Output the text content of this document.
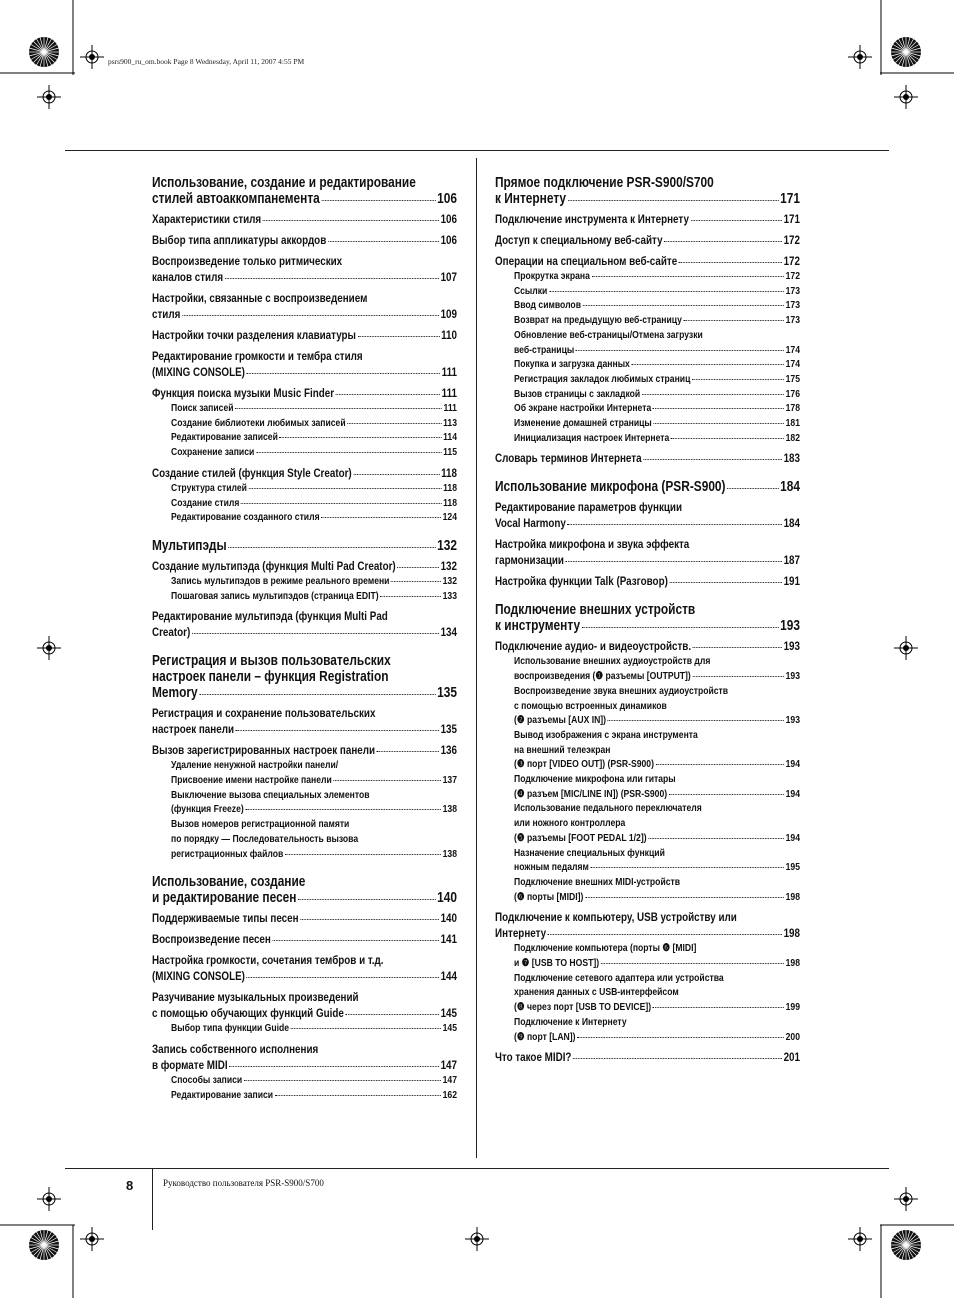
psrs900_ru_om.book Page 8 Wednesday, April 11, 2007 4:55 PM
8	Руководство пользователя PSR-S900/S700
Использование, создание и редактирование
стилей автоаккомпанемента	106
Характеристики стиля	106
Выбор типа аппликатуры аккордов	106
Воспроизведение только ритмических
каналов стиля	107
Настройки, связанные с воспроизведением
стиля	109
Настройки точки разделения клавиатуры	110
Редактирование громкости и тембра стиля
(MIXING CONSOLE)	111
Функция поиска музыки Music Finder	111
Поиск записей	111
Создание библиотеки любимых записей	113
Редактирование записей	114
Сохранение записи	115
Создание стилей (функция Style Creator)	118
Структура стилей	118
Создание стиля	118
Редактирование созданного стиля	124
Мультипэды	132
Создание мультипэда (функция Multi Pad Creator)	132
Запись мультипэдов в режиме реального времени	132
Пошаговая запись мультипэдов (страница EDIT)	133
Редактирование мультипэда (функция Multi Pad
Creator)	134
Регистрация и вызов пользовательских
настроек панели – функция Registration
Memory	135
Регистрация и сохранение пользовательских
настроек панели	135
Вызов зарегистрированных настроек панели	136
Удаление ненужной настройки панели/
Присвоение имени настройке панели	137
Выключение вызова специальных элементов
(функция Freeze)	138
Вызов номеров регистрационной памяти
по порядку — Последовательность вызова
регистрационных файлов	138
Использование, создание
и редактирование песен	140
Поддерживаемые типы песен	140
Воспроизведение песен	141
Настройка громкости, сочетания тембров и т.д.
(MIXING CONSOLE)	144
Разучивание музыкальных произведений
с помощью обучающих функций Guide	145
Выбор типа функции Guide	145
Запись собственного исполнения
в формате MIDI	147
Способы записи	147
Редактирование записи	162
Прямое подключение PSR-S900/S700
к Интернету	171
Подключение инструмента к Интернету	171
Доступ к специальному веб-сайту	172
Операции на специальном веб-сайте	172
Прокрутка экрана	172
Ссылки	173
Ввод символов	173
Возврат на предыдущую веб-страницу	173
Обновление веб-страницы/Отмена загрузки
веб-страницы	174
Покупка и загрузка данных	174
Регистрация закладок любимых страниц	175
Вызов страницы с закладкой	176
Об экране настройки Интернета	178
Изменение домашней страницы	181
Инициализация настроек Интернета	182
Словарь терминов Интернета	183
Использование микрофона (PSR-S900)	184
Редактирование параметров функции
Vocal Harmony	184
Настройка микрофона и звука эффекта
гармонизации	187
Настройка функции Talk (Разговор)	191
Подключение внешних устройств
к инструменту	193
Подключение аудио- и видеоустройств.	193
Использование внешних аудиоустройств для
воспроизведения (❶ разъемы [OUTPUT])	193
Воспроизведение звука внешних аудиоустройств
с помощью встроенных динамиков
(❷ разъемы [AUX IN])	193
Вывод изображения с экрана инструмента
на внешний телеэкран
(❸ порт [VIDEO OUT]) (PSR-S900)	194
Подключение микрофона или гитары
(❹ разъем [MIC/LINE IN]) (PSR-S900)	194
Использование педального переключателя
или ножного контроллера
(❺ разъемы [FOOT PEDAL 1/2])	194
Назначение специальных функций
ножным педалям	195
Подключение внешних MIDI-устройств
(❻ порты [MIDI])	198
Подключение к компьютеру, USB устройству или
Интернету	198
Подключение компьютера (порты ❻ [MIDI]
и ❼ [USB TO HOST])	198
Подключение сетевого адаптера или устройства
хранения данных с USB-интерфейсом
(❽ через порт [USB TO DEVICE])	199
Подключение к Интернету
(❾ порт [LAN])	200
Что такое MIDI?	201
